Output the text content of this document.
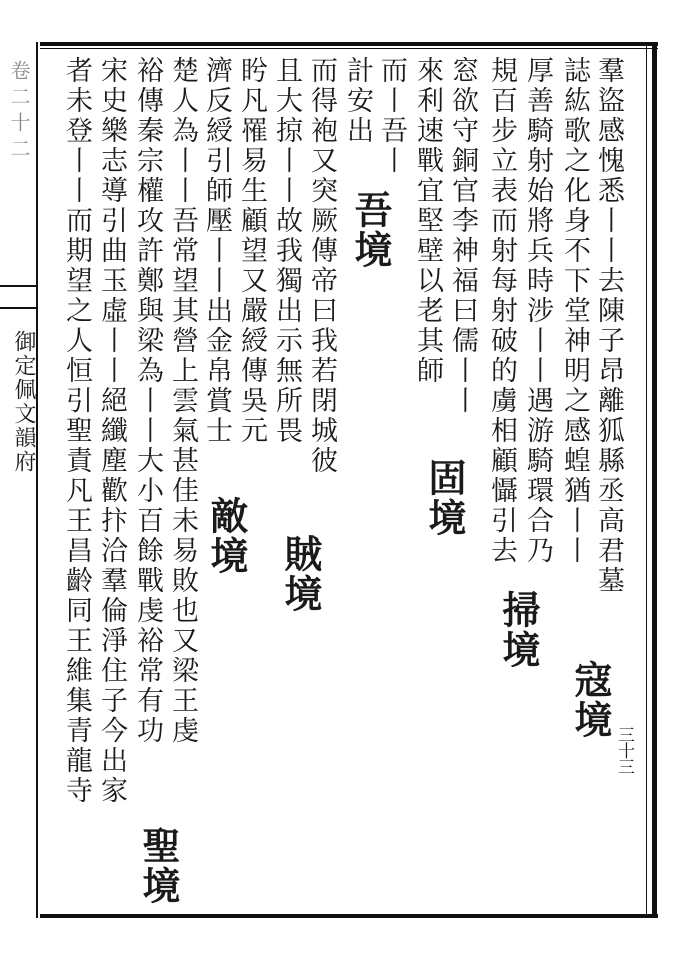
卷二十二
御定佩文韻府	羣盜感愧悉丨丨去陳子昂離狐縣丞高君墓
誌紘歌之化身不下堂神明之感蝗猶丨丨
厚善騎射始將兵時涉丨丨遇游騎環合乃
規百步立表而射每射破的虜相顧懾引去
窓欲守銅官李神福曰儒丨丨
來利速戰宜堅壁以老其師
而丨吾丨
計安出
而得袍又突厥傳帝曰我若閉城彼
且大掠丨丨故我獨出示無所畏
盻凡罹易生顧望又嚴綬傳吳元
濟反綬引師壓丨丨出金帛賞士
楚人為丨丨吾常望其營上雲氣甚佳未易敗也又梁王虔
裕傳秦宗權攻許鄭與梁為丨丨大小百餘戰虔裕常有功
宋史樂志導引曲玉虛丨丨絕纖塵歡抃洽羣倫淨住子今出家
者未登丨丨而期望之人恒引聖責凡王昌齡同王維集青龍寺	寇境
掃境
固境
賊境
吾境
敵境
聖境
三十三
